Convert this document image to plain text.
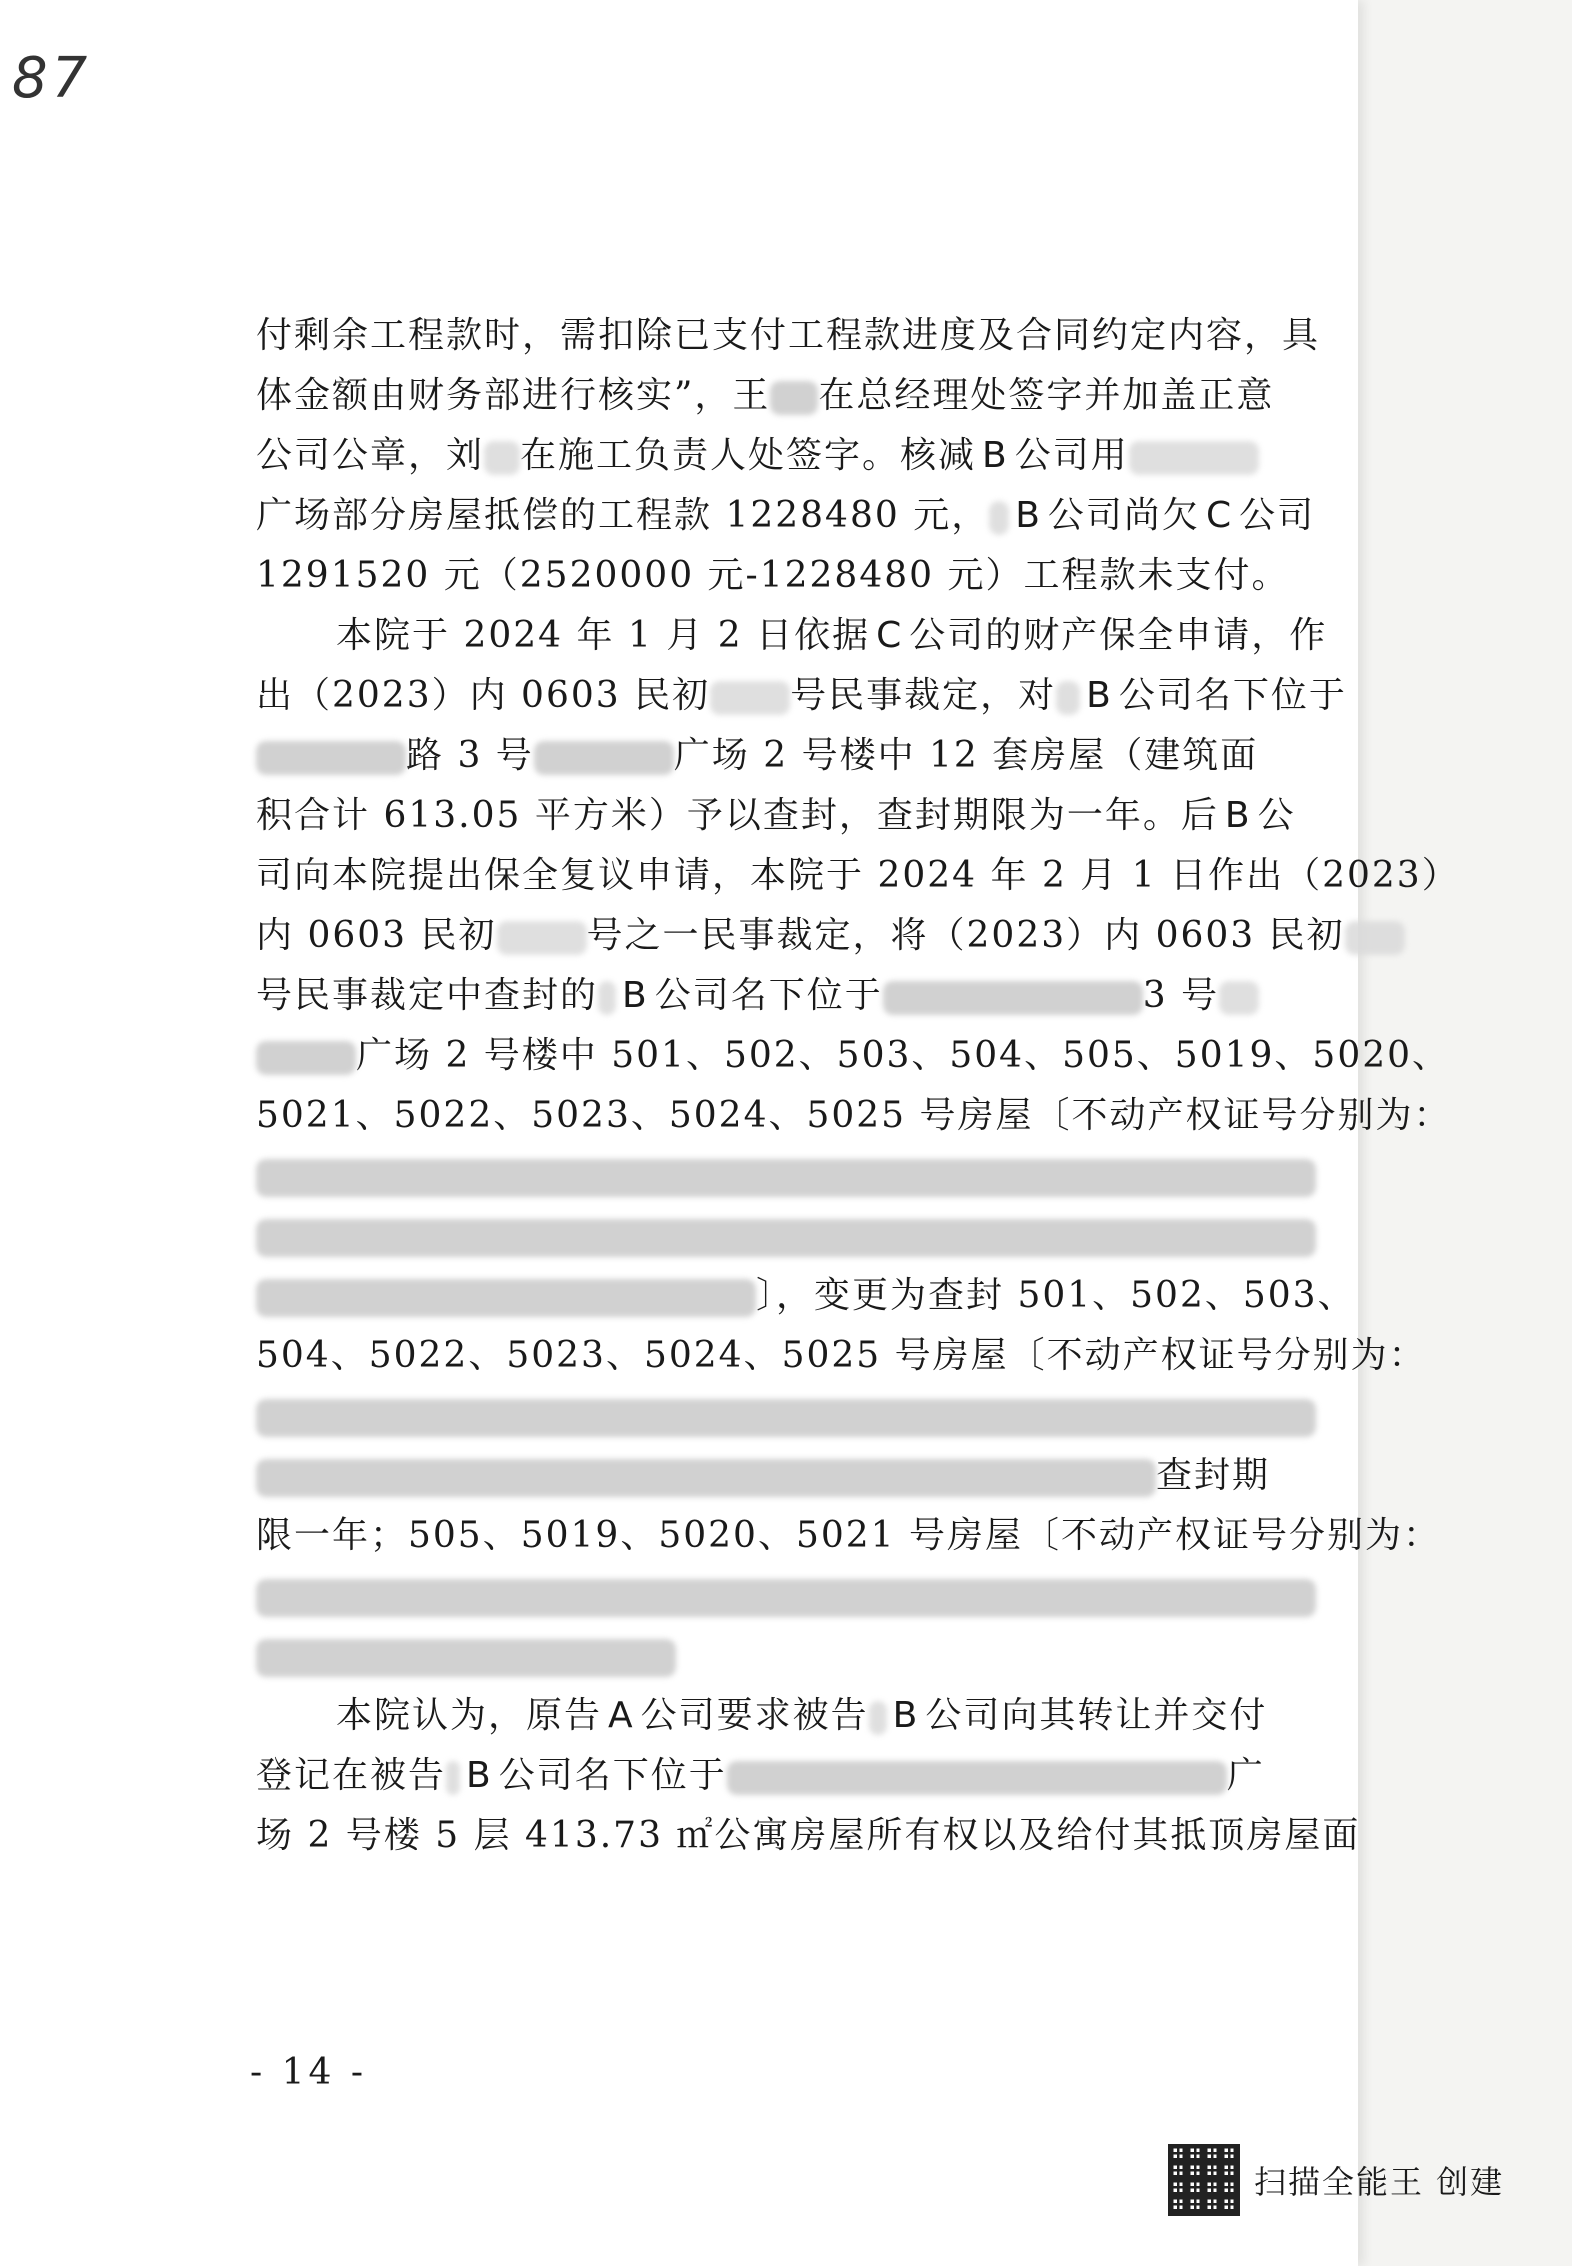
87
付剩余工程款时，需扣除已支付工程款进度及合同约定内容，具
体金额由财务部进行核实”，王 在总经理处签字并加盖正意
公司公章，刘 在施工负责人处签字。核减 B 公司用
广场部分房屋抵偿的工程款 1228480 元， B 公司尚欠 C 公司
1291520 元（2520000 元-1228480 元）工程款未支付。
本院于 2024 年 1 月 2 日依据 C 公司的财产保全申请，作
出（2023）内 0603 民初 号民事裁定，对 B 公司名下位于
路 3 号	广场 2 号楼中 12 套房屋（建筑面
积合计 613.05 平方米）予以查封，查封期限为一年。后 B 公
司向本院提出保全复议申请，本院于 2024 年 2 月 1 日作出（2023）
内 0603 民初	号之一民事裁定，将（2023）内 0603 民初
号民事裁定中查封的 B 公司名下位于	3 号
广场 2 号楼中 501、502、503、504、505、5019、5020、
5021、5022、5023、5024、5025 号房屋〔不动产权证号分别为：
〕，变更为查封 501、502、503、
504、5022、5023、5024、5025 号房屋〔不动产权证号分别为：
查封期
限一年；505、5019、5020、5021 号房屋〔不动产权证号分别为：
本院认为，原告 A 公司要求被告 B 公司向其转让并交付
登记在被告 B 公司名下位于	广
场 2 号楼 5 层 413.73 ㎡公寓房屋所有权以及给付其抵顶房屋面
- 14 -
扫描全能王 创建
